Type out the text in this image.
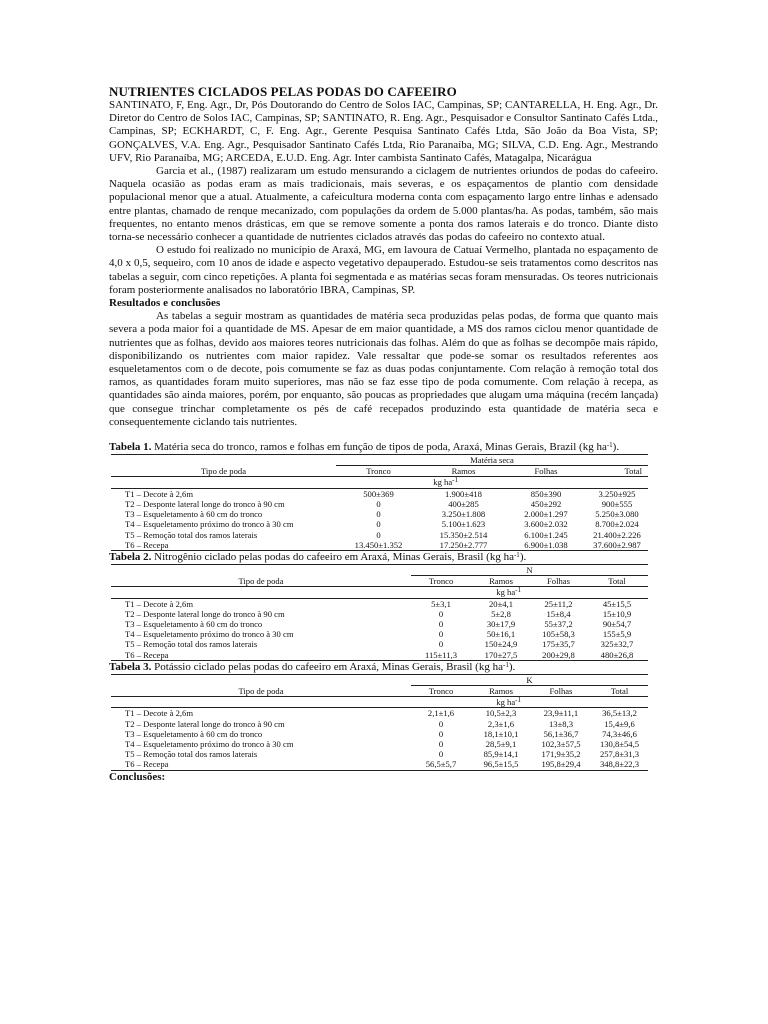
NUTRIENTES CICLADOS PELAS PODAS DO CAFEEIRO

SANTINATO, F, Eng. Agr., Dr, Pós Doutorando do Centro de Solos IAC, Campinas, SP; CANTARELLA, H. Eng. Agr., Dr. Diretor do Centro de Solos IAC, Campinas, SP; SANTINATO, R. Eng. Agr., Pesquisador e Consultor Santinato Cafés Ltda., Campinas, SP; ECKHARDT, C, F. Eng. Agr., Gerente Pesquisa Santinato Cafés Ltda, São João da Boa Vista, SP; GONÇALVES, V.A. Eng. Agr., Pesquisador Santinato Cafés Ltda, Rio Paranaíba, MG; SILVA, C.D. Eng. Agr., Mestrando UFV, Rio Paranaíba, MG; ARCEDA, E.U.D. Eng. Agr. Inter cambista Santinato Cafés, Matagalpa, Nicarágua

Garcia et al., (1987) realizaram um estudo mensurando a ciclagem de nutrientes oriundos de podas do cafeeiro. Naquela ocasião as podas eram as mais tradicionais, mais severas, e os espaçamentos de plantio com densidade populacional menor que a atual. Atualmente, a cafeicultura moderna conta com espaçamento largo entre linhas e adensado entre plantas, chamado de renque mecanizado, com populações da ordem de 5.000 plantas/ha. As podas, também, são mais frequentes, no entanto menos drásticas, em que se remove somente a ponta dos ramos laterais e do tronco. Diante disto torna-se necessário conhecer a quantidade de nutrientes ciclados através das podas do cafeeiro no contexto atual.

O estudo foi realizado no município de Araxá, MG, em lavoura de Catuaí Vermelho, plantada no espaçamento de 4,0 x 0,5, sequeiro, com 10 anos de idade e aspecto vegetativo depauperado. Estudou-se seis tratamentos como descritos nas tabelas a seguir, com cinco repetições. A planta foi segmentada e as matérias secas foram mensuradas. Os teores nutricionais foram posteriormente analisados no laboratório IBRA, Campinas, SP.

Resultados e conclusões

As tabelas a seguir mostram as quantidades de matéria seca produzidas pelas podas, de forma que quanto mais severa a poda maior foi a quantidade de MS. Apesar de em maior quantidade, a MS dos ramos ciclou menor quantidade de nutrientes que as folhas, devido aos maiores teores nutricionais das folhas. Além do que as folhas se decompõe mais rápido, disponibilizando os nutrientes com maior rapidez. Vale ressaltar que pode-se somar os resultados referentes aos esqueletamentos com o de decote, pois comumente se faz as duas podas conjuntamente. Com relação à remoção total dos ramos, as quantidades foram muito superiores, mas não se faz esse tipo de poda comumente. Com relação à recepa, as quantidades são ainda maiores, porém, por enquanto, são poucas as propriedades que alugam uma máquina (recém lançada) que consegue trinchar completamente os pés de café recepados produzindo esta quantidade de matéria seca e consequentemente ciclando tais nutrientes.

Tabela 1. Matéria seca do tronco, ramos e folhas em função de tipos de poda, Araxá, Minas Gerais, Brazil (kg $ha^{-1}$).
	Matéria seca			
Tipo de poda	Tronco	Ramos	Folhas	Total
	kg $ha^{-1}$		
T1 – Decote à 2,6m	500±369	1.900±418	850±390	3.250±925
T2 – Desponte lateral longe do tronco à 90 cm	0	400±285	450±292	900±555
T3 – Esqueletamento à 60 cm do tronco	0	3.250±1.808	2.000±1.297	5.250±3.080
T4 – Esqueletamento próximo do tronco à 30 cm	0	5.100±1.623	3.600±2.032	8.700±2.024
T5 – Remoção total dos ramos laterais	0	15.350±2.514	6.100±1.245	21.400±2.226
T6 – Recepa	13.450±1.352	17.250±2.777	6.900±1.038	37.600±2.987
Tabela 2. Nitrogênio ciclado pelas podas do cafeeiro em Araxá, Minas Gerais, Brasil (kg $ha^{-1}$).
	N			
Tipo de poda	Tronco	Ramos	Folhas	Total
	kg $ha^{-1}$		
T1 – Decote à 2,6m	5±3,1	20±4,1	25±11,2	45±15,5
T2 – Desponte lateral longe do tronco à 90 cm	0	5±2,8	15±8,4	15±10,9
T3 – Esqueletamento à 60 cm do tronco	0	30±17,9	55±37,2	90±54,7
T4 – Esqueletamento próximo do tronco à 30 cm	0	50±16,1	105±58,3	155±5,9
T5 – Remoção total dos ramos laterais	0	150±24,9	175±35,7	325±32,7
T6 – Recepa	115±11,3	170±27,5	200±29,8	480±26,8
Tabela 3. Potássio ciclado pelas podas do cafeeiro em Araxá, Minas Gerais, Brasil (kg $ha^{-1}$).
	K			
Tipo de poda	Tronco	Ramos	Folhas	Total
	kg $ha^{-1}$		
T1 – Decote à 2,6m	2,1±1,6	10,5±2,3	23,9±11,1	36,5±13,2
T2 – Desponte lateral longe do tronco à 90 cm	0	2,3±1,6	13±8,3	15,4±9,6
T3 – Esqueletamento à 60 cm do tronco	0	18,1±10,1	56,1±36,7	74,3±46,6
T4 – Esqueletamento próximo do tronco à 30 cm	0	28,5±9,1	102,3±57,5	130,8±54,5
T5 – Remoção total dos ramos laterais	0	85,9±14,1	171,9±35,2	257,8±31,3
T6 – Recepa	56,5±5,7	96,5±15,5	195,8±29,4	348,8±22,3
Conclusões:
